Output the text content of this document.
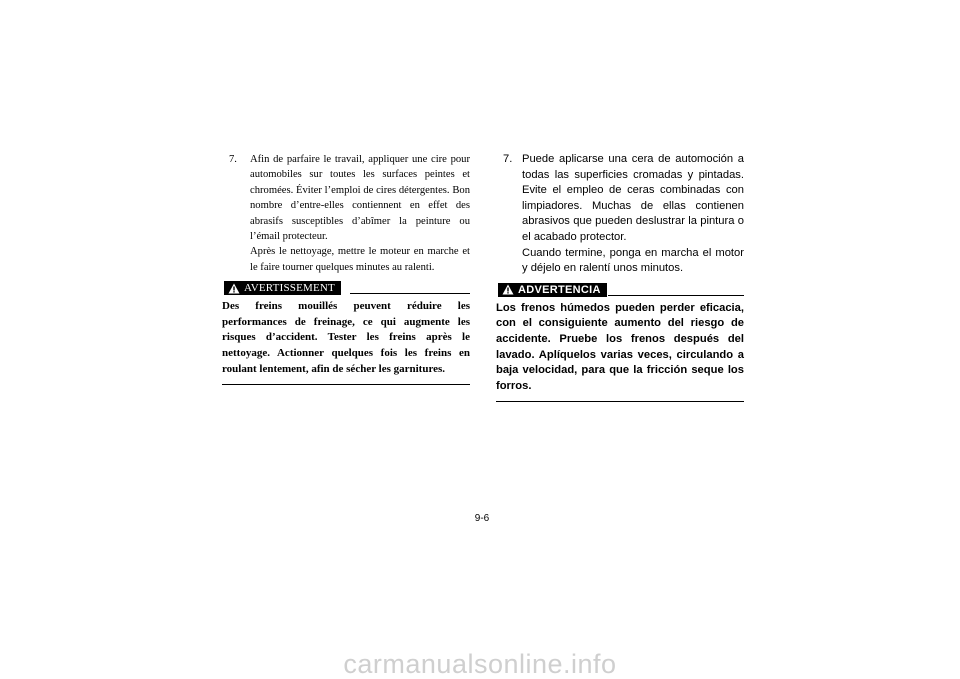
7.	Afin de parfaire le travail, appliquer une cire pour automobiles sur toutes les surfaces peintes et chromées. Éviter l’emploi de cires détergentes. Bon nombre d’entre-elles contiennent en effet des abrasifs susceptibles d’abîmer la peinture ou l’émail protecteur.

Après le nettoyage, mettre le moteur en marche et le faire tourner quelques minutes au ralenti.

AVERTISSEMENT
Des freins mouillés peuvent réduire les performances de freinage, ce qui augmente les risques d’accident. Tester les freins après le nettoyage. Actionner quelques fois les freins en roulant lentement, afin de sécher les garnitures.
7. Puede aplicarse una cera de automoción a todas las superficies cromadas y pintadas. Evite el empleo de ceras combinadas con limpiadores. Muchas de ellas contienen abrasivos que pueden deslustrar la pintura o el acabado protector.

Cuando termine, ponga en marcha el motor y déjelo en ralentí unos minutos.

ADVERTENCIA
Los frenos húmedos pueden perder eficacia, con el consiguiente aumento del riesgo de accidente. Pruebe los frenos después del lavado. Aplíquelos varias veces, circulando a baja velocidad, para que la fricción seque los forros.
9-6
carmanualsonline.info
